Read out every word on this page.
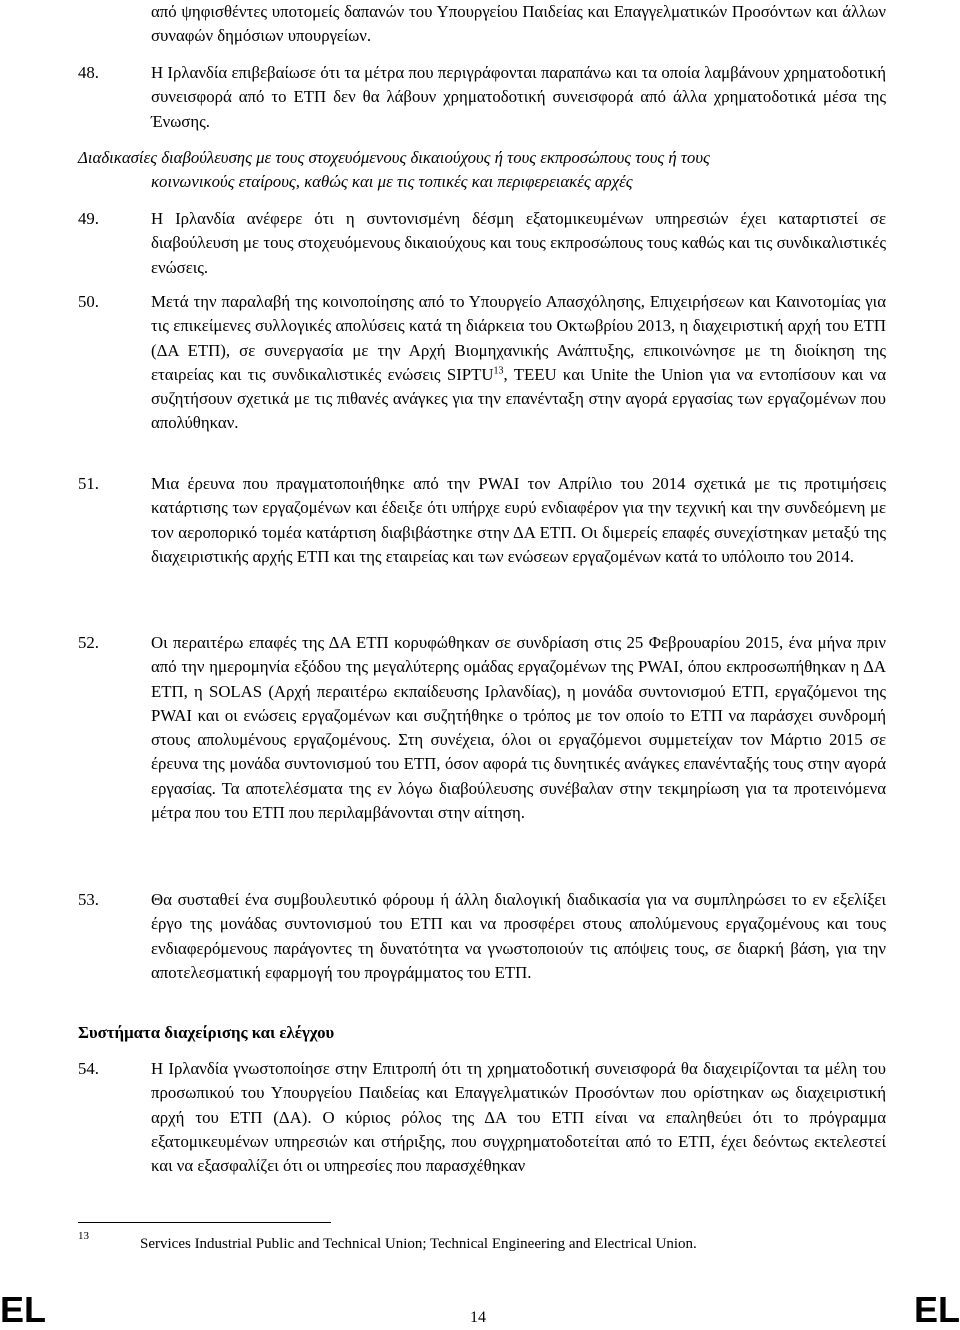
από ψηφισθέντες υποτομείς δαπανών του Υπουργείου Παιδείας και Επαγγελματικών Προσόντων και άλλων συναφών δημόσιων υπουργείων.
48.	Η Ιρλανδία επιβεβαίωσε ότι τα μέτρα που περιγράφονται παραπάνω και τα οποία λαμβάνουν χρηματοδοτική συνεισφορά από το ΕΤΠ δεν θα λάβουν χρηματοδοτική συνεισφορά από άλλα χρηματοδοτικά μέσα της Ένωσης.
Διαδικασίες διαβούλευσης με τους στοχευόμενους δικαιούχους ή τους εκπροσώπους τους ή τους
κοινωνικούς εταίρους, καθώς και με τις τοπικές και περιφερειακές αρχές
49.	Η Ιρλανδία ανέφερε ότι η συντονισμένη δέσμη εξατομικευμένων υπηρεσιών έχει καταρτιστεί σε διαβούλευση με τους στοχευόμενους δικαιούχους και τους εκπροσώπους τους καθώς και τις συνδικαλιστικές ενώσεις.
50.	Μετά την παραλαβή της κοινοποίησης από το Υπουργείο Απασχόλησης, Επιχειρήσεων και Καινοτομίας για τις επικείμενες συλλογικές απολύσεις κατά τη διάρκεια του Οκτωβρίου 2013, η διαχειριστική αρχή του ΕΤΠ (ΔΑ ΕΤΠ), σε συνεργασία με την Αρχή Βιομηχανικής Ανάπτυξης, επικοινώνησε με τη διοίκηση της εταιρείας και τις συνδικαλιστικές ενώσεις SIPTU$^{13}$, TEEU και Unite the Union για να εντοπίσουν και να συζητήσουν σχετικά με τις πιθανές ανάγκες για την επανένταξη στην αγορά εργασίας των εργαζομένων που απολύθηκαν.
51.	Μια έρευνα που πραγματοποιήθηκε από την PWAI τον Απρίλιο του 2014 σχετικά με τις προτιμήσεις κατάρτισης των εργαζομένων και έδειξε ότι υπήρχε ευρύ ενδιαφέρον για την τεχνική και την συνδεόμενη με τον αεροπορικό τομέα κατάρτιση διαβιβάστηκε στην ΔΑ ΕΤΠ. Οι διμερείς επαφές συνεχίστηκαν μεταξύ της διαχειριστικής αρχής ΕΤΠ και της εταιρείας και των ενώσεων εργαζομένων κατά το υπόλοιπο του 2014.
52.	Οι περαιτέρω επαφές της ΔΑ ΕΤΠ κορυφώθηκαν σε συνδρίαση στις 25 Φεβρουαρίου 2015, ένα μήνα πριν από την ημερομηνία εξόδου της μεγαλύτερης ομάδας εργαζομένων της PWAI, όπου εκπροσωπήθηκαν η ΔΑ ΕΤΠ, η SOLAS (Αρχή περαιτέρω εκπαίδευσης Ιρλανδίας), η μονάδα συντονισμού ΕΤΠ, εργαζόμενοι της PWAI και οι ενώσεις εργαζομένων και συζητήθηκε ο τρόπος με τον οποίο το ΕΤΠ να παράσχει συνδρομή στους απολυμένους εργαζομένους. Στη συνέχεια, όλοι οι εργαζόμενοι συμμετείχαν τον Μάρτιο 2015 σε έρευνα της μονάδα συντονισμού του ΕΤΠ, όσον αφορά τις δυνητικές ανάγκες επανένταξής τους στην αγορά εργασίας. Τα αποτελέσματα της εν λόγω διαβούλευσης συνέβαλαν στην τεκμηρίωση για τα προτεινόμενα μέτρα που του ΕΤΠ που περιλαμβάνονται στην αίτηση.
53.	Θα συσταθεί ένα συμβουλευτικό φόρουμ ή άλλη διαλογική διαδικασία για να συμπληρώσει το εν εξελίξει έργο της μονάδας συντονισμού του ΕΤΠ και να προσφέρει στους απολύμενους εργαζομένους και τους ενδιαφερόμενους παράγοντες τη δυνατότητα να γνωστοποιούν τις απόψεις τους, σε διαρκή βάση, για την αποτελεσματική εφαρμογή του προγράμματος του ΕΤΠ.
Συστήματα διαχείρισης και ελέγχου
54.	Η Ιρλανδία γνωστοποίησε στην Επιτροπή ότι τη χρηματοδοτική συνεισφορά θα διαχειρίζονται τα μέλη του προσωπικού του Υπουργείου Παιδείας και Επαγγελματικών Προσόντων που ορίστηκαν ως διαχειριστική αρχή του ΕΤΠ (ΔΑ). Ο κύριος ρόλος της ΔΑ του ΕΤΠ είναι να επαληθεύει ότι το πρόγραμμα εξατομικευμένων υπηρεσιών και στήριξης, που συγχρηματοδοτείται από το ΕΤΠ, έχει δεόντως εκτελεστεί και να εξασφαλίζει ότι οι υπηρεσίες που παρασχέθηκαν
13	Services Industrial Public and Technical Union; Technical Engineering and Electrical Union.
EL	14	EL
